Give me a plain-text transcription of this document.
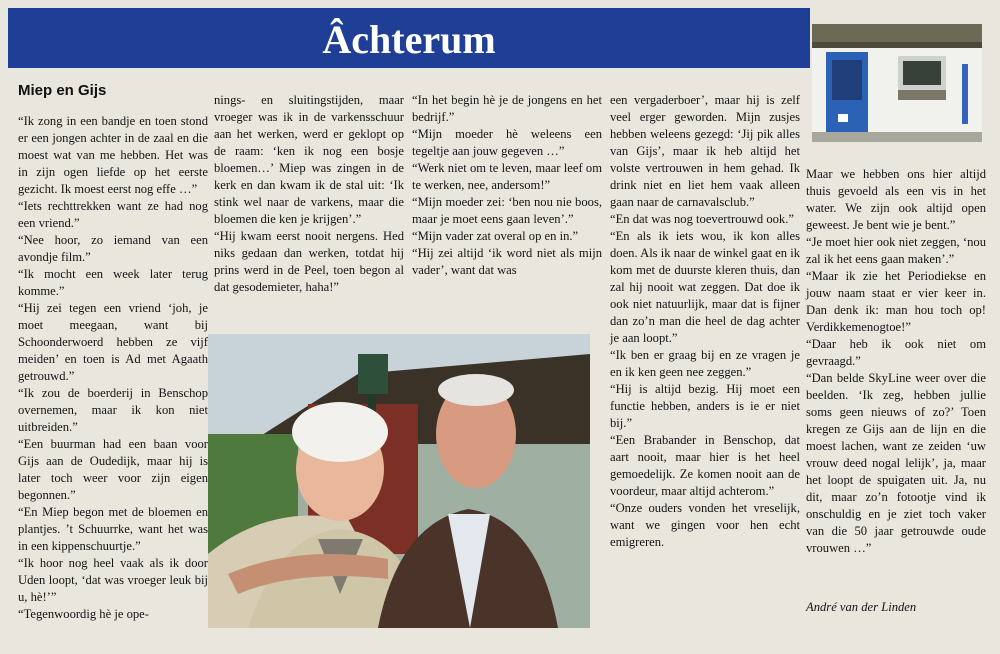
Âchterum
Miep en Gijs

“Ik zong in een bandje en toen stond er een jongen achter in de zaal en die moest wat van me hebben. Het was in zijn ogen liefde op het eerste gezicht. Ik moest eerst nog effe …”

“Iets rechttrekken want ze had nog een vriend.”

“Nee hoor, zo iemand van een avondje film.”

“Ik mocht een week later terug komme.”

“Hij zei tegen een vriend ‘joh, je moet meegaan, want bij Schoonderwoerd hebben ze vijf meiden’ en toen is Ad met Agaath getrouwd.”

“Ik zou de boerderij in Benschop overnemen, maar ik kon niet uitbreiden.”

“Een buurman had een baan voor Gijs aan de Oudedijk, maar hij is later toch weer voor zijn eigen begonnen.”

“En Miep begon met de bloemen en plantjes. ’t Schuurrke, want het was in een kippenschuurtje.”

“Ik hoor nog heel vaak als ik door Uden loopt, ‘dat was vroeger leuk bij u, hè!’”

“Tegenwoordig hè je ope-

nings- en sluitingstijden, maar vroeger was ik in de varkensschuur aan het werken, werd er geklopt op de raam: ‘ken ik nog een bosje bloemen…’ Miep was zingen in de kerk en dan kwam ik de stal uit: ‘Ik stink wel naar de varkens, maar die bloemen die ken je krijgen’.”

“Hij kwam eerst nooit nergens. Hed niks gedaan dan werken, totdat hij prins werd in de Peel, toen begon al dat gesodemieter, haha!”

“In het begin hè je de jongens en het bedrijf.”

“Mijn moeder hè weleens een tegeltje aan jouw gegeven …”

“Werk niet om te leven, maar leef om te werken, nee, andersom!”

“Mijn moeder zei: ‘ben nou nie boos, maar je moet eens gaan leven’.”

“Mijn vader zat overal op en in.”

“Hij zei altijd ‘ik word niet als mijn vader’, want dat was

een vergaderboer’, maar hij is zelf veel erger geworden. Mijn zusjes hebben weleens gezegd: ‘Jij pik alles van Gijs’, maar ik heb altijd het volste vertrouwen in hem gehad. Ik drink niet en liet hem vaak alleen gaan naar de carnavalsclub.”

“En dat was nog toevertrouwd ook.”

“En als ik iets wou, ik kon alles doen. Als ik naar de winkel gaat en ik kom met de duurste kleren thuis, dan zal hij nooit wat zeggen. Dat doe ik ook niet natuurlijk, maar dat is fijner dan zo’n man die heel de dag achter je aan loopt.”

“Ik ben er graag bij en ze vragen je en ik ken geen nee zeggen.”

“Hij is altijd bezig. Hij moet een functie hebben, anders is ie er niet bij.”

“Een Brabander in Benschop, dat aart nooit, maar hier is het heel gemoedelijk. Ze komen nooit aan de voordeur, maar altijd achterom.”

“Onze ouders vonden het vreselijk, want we gingen voor hen echt emigreren.

Maar we hebben ons hier altijd thuis gevoeld als een vis in het water. We zijn ook altijd open geweest. Je bent wie je bent.”

“Je moet hier ook niet zeggen, ‘nou zal ik het eens gaan maken’.”

“Maar ik zie het Periodiekse en jouw naam staat er vier keer in. Dan denk ik: man hou toch op! Verdikkemenogtoe!”

“Daar heb ik ook niet om gevraagd.”

“Dan belde SkyLine weer over die beelden. ‘Ik zeg, hebben jullie soms geen nieuws of zo?’ Toen kregen ze Gijs aan de lijn en die moest lachen, want ze zeiden ‘uw vrouw deed nogal lelijk’, ja, maar het loopt de spuigaten uit. Ja, nu dit, maar zo’n fotootje vind ik onschuldig en je ziet toch vaker van die 50 jaar getrouwde oude vrouwen …”

André van der Linden
